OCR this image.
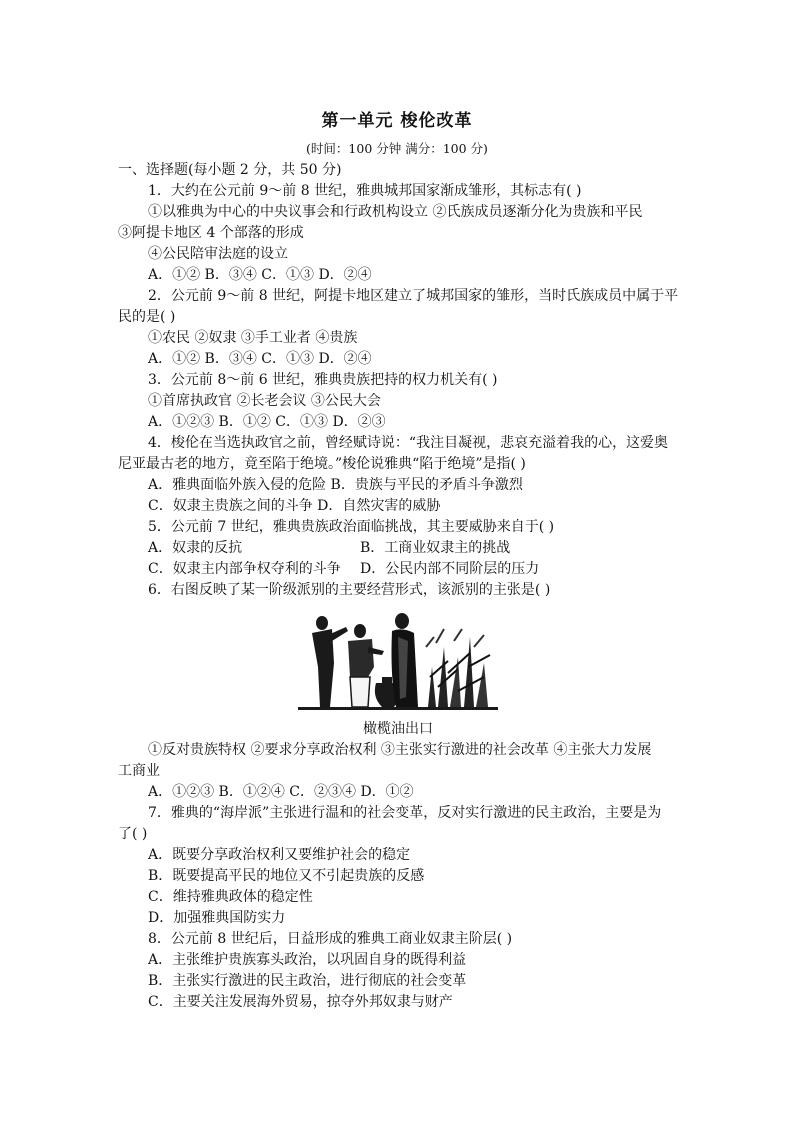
第一单元 梭伦改革
(时间：100 分钟 满分：100 分)
一、选择题(每小题 2 分，共 50 分)
1．大约在公元前 9～前 8 世纪，雅典城邦国家渐成雏形，其标志有( )
①以雅典为中心的中央议事会和行政机构设立 ②氏族成员逐渐分化为贵族和平民
③阿提卡地区 4 个部落的形成
④公民陪审法庭的设立
A．①② B．③④ C．①③ D．②④
2．公元前 9～前 8 世纪，阿提卡地区建立了城邦国家的雏形，当时氏族成员中属于平
民的是( )
①农民 ②奴隶 ③手工业者 ④贵族
A．①② B．③④ C．①③ D．②④
3．公元前 8～前 6 世纪，雅典贵族把持的权力机关有( )
①首席执政官 ②长老会议 ③公民大会
A．①②③ B．①② C．①③ D．②③
4．梭伦在当选执政官之前，曾经赋诗说：“我注目凝视，悲哀充溢着我的心，这爱奥
尼亚最古老的地方，竟至陷于绝境。”梭伦说雅典“陷于绝境”是指( )
A．雅典面临外族入侵的危险 B．贵族与平民的矛盾斗争激烈
C．奴隶主贵族之间的斗争 D．自然灾害的威胁
5．公元前 7 世纪，雅典贵族政治面临挑战，其主要威胁来自于( )
A．奴隶的反抗	B．工商业奴隶主的挑战
C．奴隶主内部争权夺利的斗争	D．公民内部不同阶层的压力
6．右图反映了某一阶级派别的主要经营形式，该派别的主张是( )
橄榄油出口
①反对贵族特权 ②要求分享政治权利 ③主张实行激进的社会改革 ④主张大力发展
工商业
A．①②③ B．①②④ C．②③④ D．①②
7．雅典的“海岸派”主张进行温和的社会变革，反对实行激进的民主政治，主要是为
了( )
A．既要分享政治权利又要维护社会的稳定
B．既要提高平民的地位又不引起贵族的反感
C．维持雅典政体的稳定性
D．加强雅典国防实力
8．公元前 8 世纪后，日益形成的雅典工商业奴隶主阶层( )
A．主张维护贵族寡头政治，以巩固自身的既得利益
B．主张实行激进的民主政治，进行彻底的社会变革
C．主要关注发展海外贸易，掠夺外邦奴隶与财产
